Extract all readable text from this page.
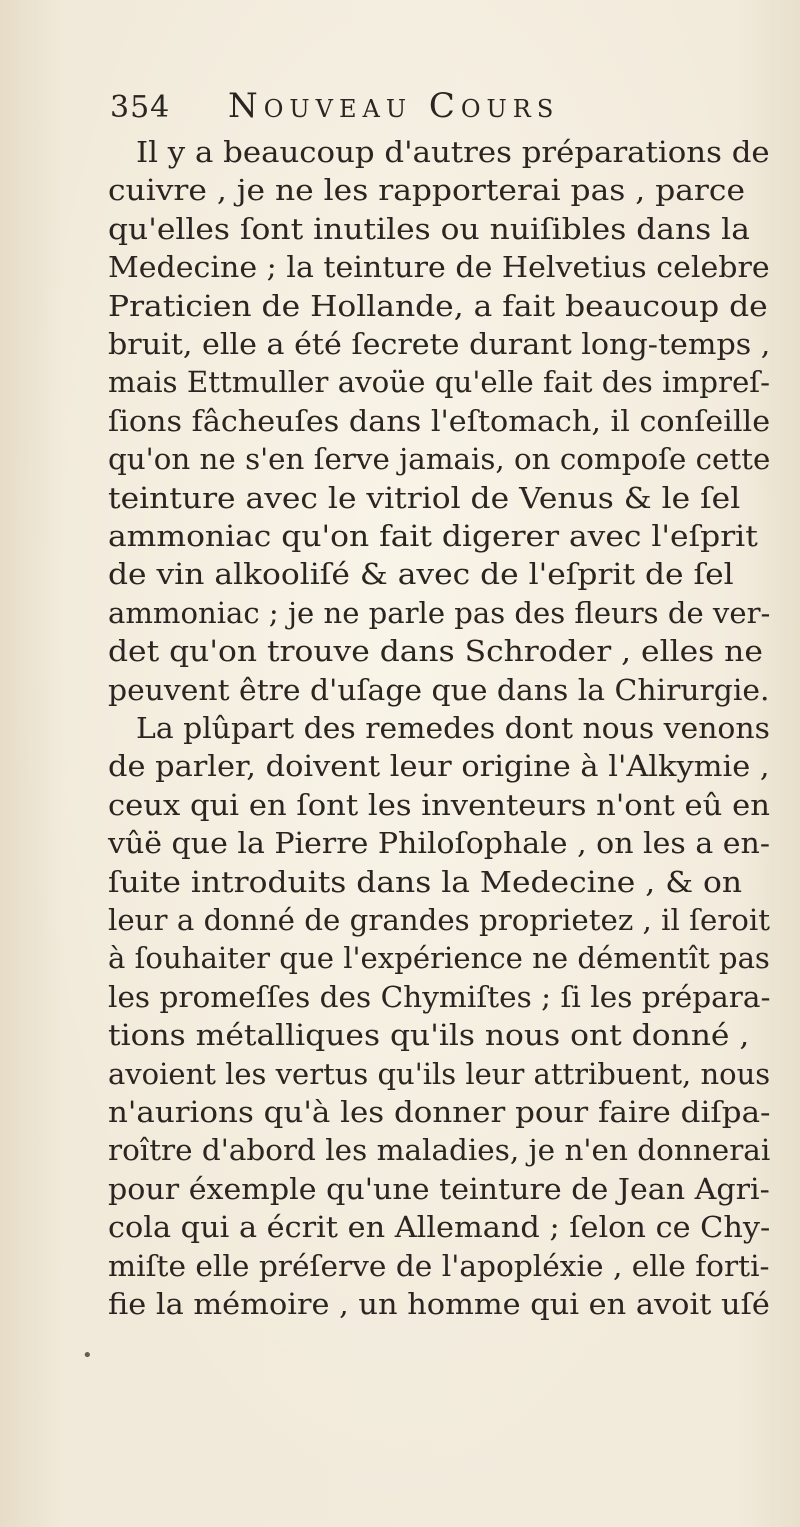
354 Nouveau Cours
Il y a beaucoup d'autres préparations de
cuivre , je ne les rapporterai pas , parce
qu'elles ſont inutiles ou nuiſibles dans la
Medecine ; la teinture de Helvetius celebre
Praticien de Hollande, a fait beaucoup de
bruit, elle a été ſecrete durant long-temps ,
mais Ettmuller avoüe qu'elle fait des impreſ-
ſions fâcheuſes dans l'eſtomach, il conſeille
qu'on ne s'en ſerve jamais, on compoſe cette
teinture avec le vitriol de Venus & le ſel
ammoniac qu'on fait digerer avec l'eſprit
de vin alkooliſé & avec de l'eſprit de ſel
ammoniac ; je ne parle pas des fleurs de ver-
det qu'on trouve dans Schroder , elles ne
peuvent être d'uſage que dans la Chirurgie.
La plûpart des remedes dont nous venons
de parler, doivent leur origine à l'Alkymie ,
ceux qui en ſont les inventeurs n'ont eû en
vûë que la Pierre Philoſophale , on les a en-
ſuite introduits dans la Medecine , & on
leur a donné de grandes proprietez , il ſeroit
à ſouhaiter que l'expérience ne démentît pas
les promeſſes des Chymiſtes ; ſi les prépara-
tions métalliques qu'ils nous ont donné ,
avoient les vertus qu'ils leur attribuent, nous
n'aurions qu'à les donner pour faire diſpa-
roître d'abord les maladies, je n'en donnerai
pour éxemple qu'une teinture de Jean Agri-
cola qui a écrit en Allemand ; ſelon ce Chy-
miſte elle préſerve de l'apopléxie , elle forti-
fie la mémoire , un homme qui en avoit uſé
•
